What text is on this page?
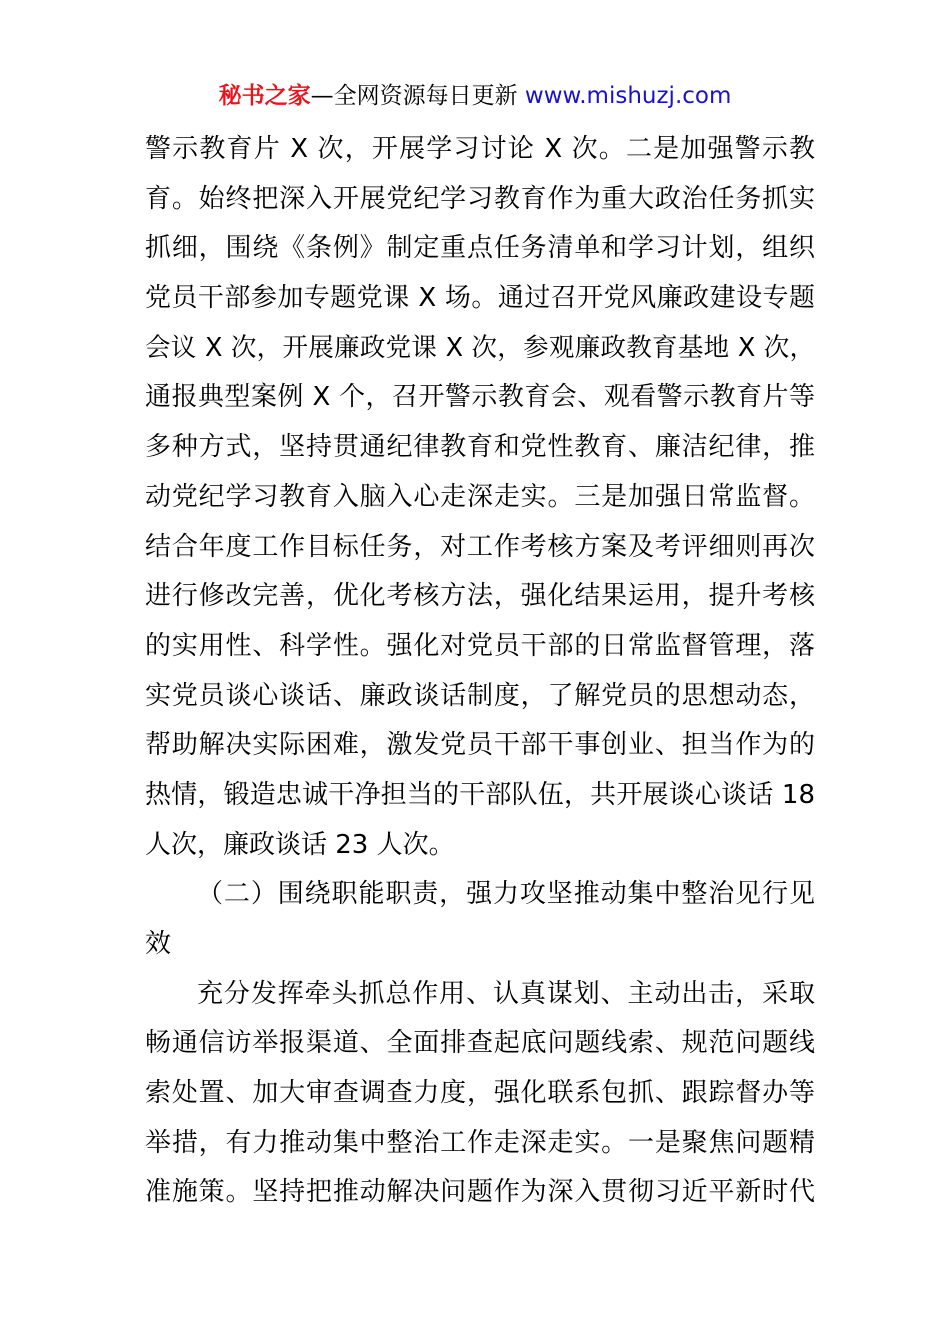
秘书之家—全网资源每日更新 www.mishuzj.com
警示教育片 X 次，开展学习讨论 X 次。二是加强警示教
育。始终把深入开展党纪学习教育作为重大政治任务抓实
抓细，围绕《条例》制定重点任务清单和学习计划，组织
党员干部参加专题党课 X 场。通过召开党风廉政建设专题
会议 X 次，开展廉政党课 X 次，参观廉政教育基地 X 次，
通报典型案例 X 个，召开警示教育会、观看警示教育片等
多种方式，坚持贯通纪律教育和党性教育、廉洁纪律，推
动党纪学习教育入脑入心走深走实。三是加强日常监督。
结合年度工作目标任务，对工作考核方案及考评细则再次
进行修改完善，优化考核方法，强化结果运用，提升考核
的实用性、科学性。强化对党员干部的日常监督管理，落
实党员谈心谈话、廉政谈话制度，了解党员的思想动态，
帮助解决实际困难，激发党员干部干事创业、担当作为的
热情，锻造忠诚干净担当的干部队伍，共开展谈心谈话 18
人次，廉政谈话 23 人次。
（二）围绕职能职责，强力攻坚推动集中整治见行见
效
充分发挥牵头抓总作用、认真谋划、主动出击，采取
畅通信访举报渠道、全面排查起底问题线索、规范问题线
索处置、加大审查调查力度，强化联系包抓、跟踪督办等
举措，有力推动集中整治工作走深走实。一是聚焦问题精
准施策。坚持把推动解决问题作为深入贯彻习近平新时代
